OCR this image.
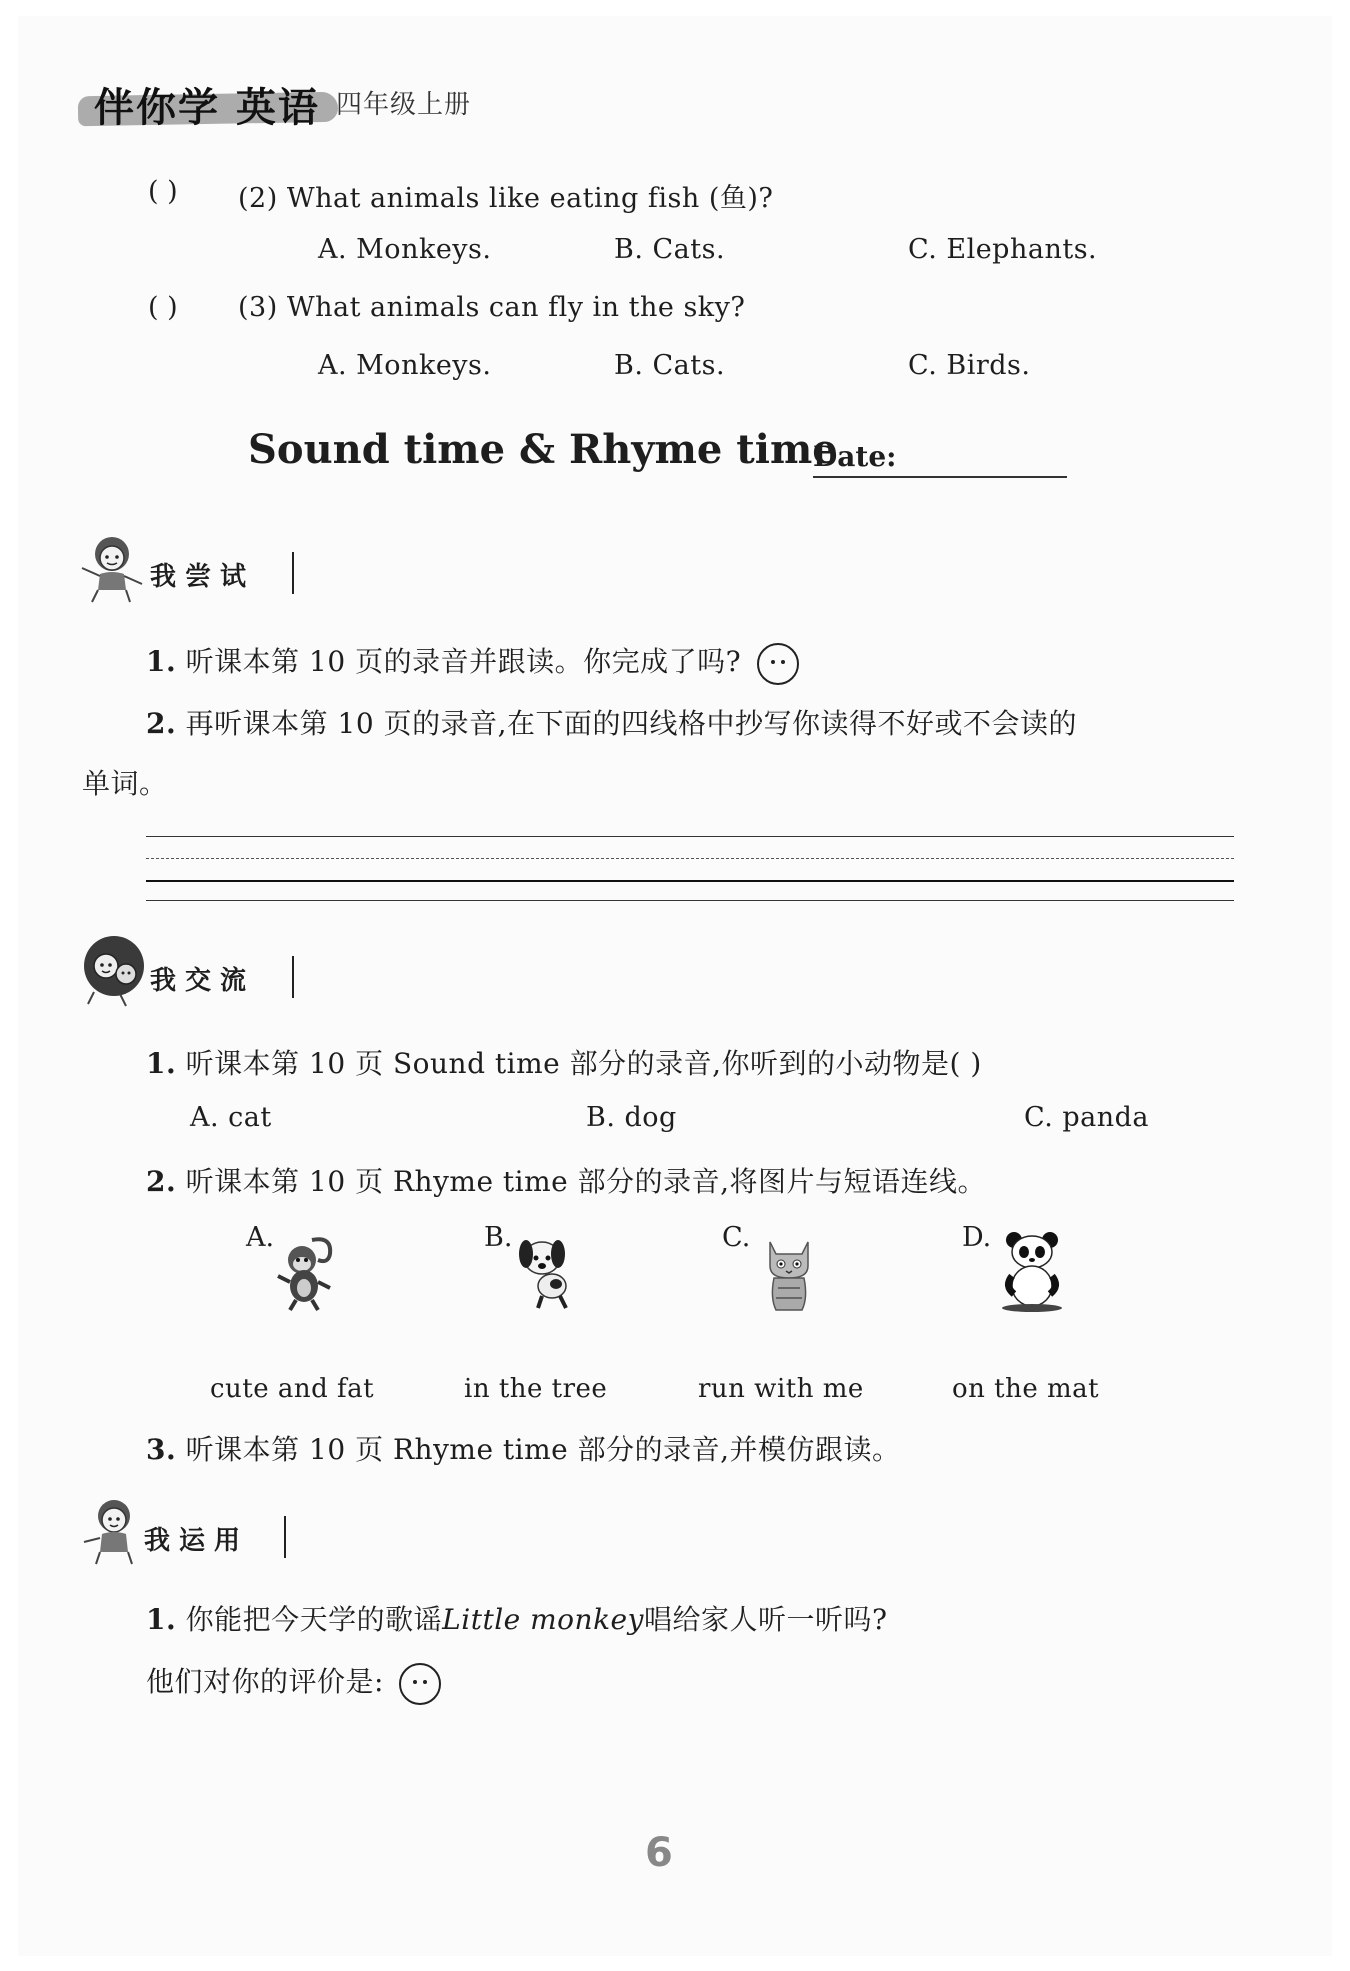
伴你学 英语 四年级上册
( ) (2) What animals like eating fish (鱼)?
A. Monkeys.	B. Cats.	C. Elephants.
( ) (3) What animals can fly in the sky?
A. Monkeys.	B. Cats.	C. Birds.
Sound time & Rhyme time
Date:
我尝试
1. 听课本第 10 页的录音并跟读。你完成了吗?
2. 再听课本第 10 页的录音,在下面的四线格中抄写你读得不好或不会读的
单词。
我交流
1. 听课本第 10 页 Sound time 部分的录音,你听到的小动物是( )
A. cat	B. dog	C. panda
2. 听课本第 10 页 Rhyme time 部分的录音,将图片与短语连线。
A.	B.	C.	D.
cute and fat	in the tree	run with me	on the mat
3. 听课本第 10 页 Rhyme time 部分的录音,并模仿跟读。
我运用
1. 你能把今天学的歌谣Little monkey唱给家人听一听吗?
他们对你的评价是:
6
